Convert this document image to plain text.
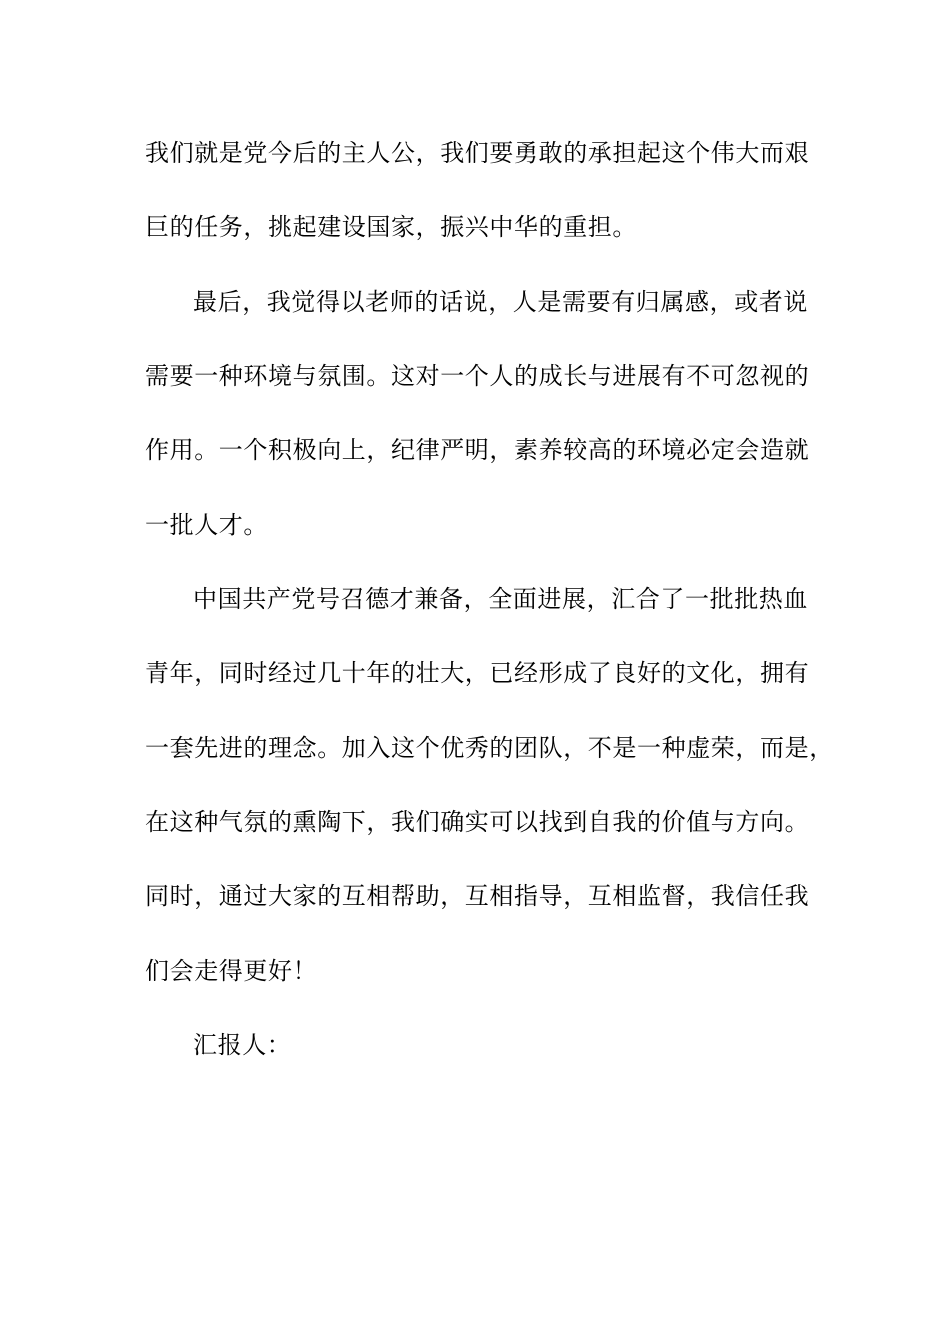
我们就是党今后的主人公，我们要勇敢的承担起这个伟大而艰
巨的任务，挑起建设国家，振兴中华的重担。
最后，我觉得以老师的话说，人是需要有归属感，或者说
需要一种环境与氛围。这对一个人的成长与进展有不可忽视的
作用。一个积极向上，纪律严明，素养较高的环境必定会造就
一批人才。
中国共产党号召德才兼备，全面进展，汇合了一批批热血
青年，同时经过几十年的壮大，已经形成了良好的文化，拥有
一套先进的理念。加入这个优秀的团队，不是一种虚荣，而是，
在这种气氛的熏陶下，我们确实可以找到自我的价值与方向。
同时，通过大家的互相帮助，互相指导，互相监督，我信任我
们会走得更好！
汇报人：
